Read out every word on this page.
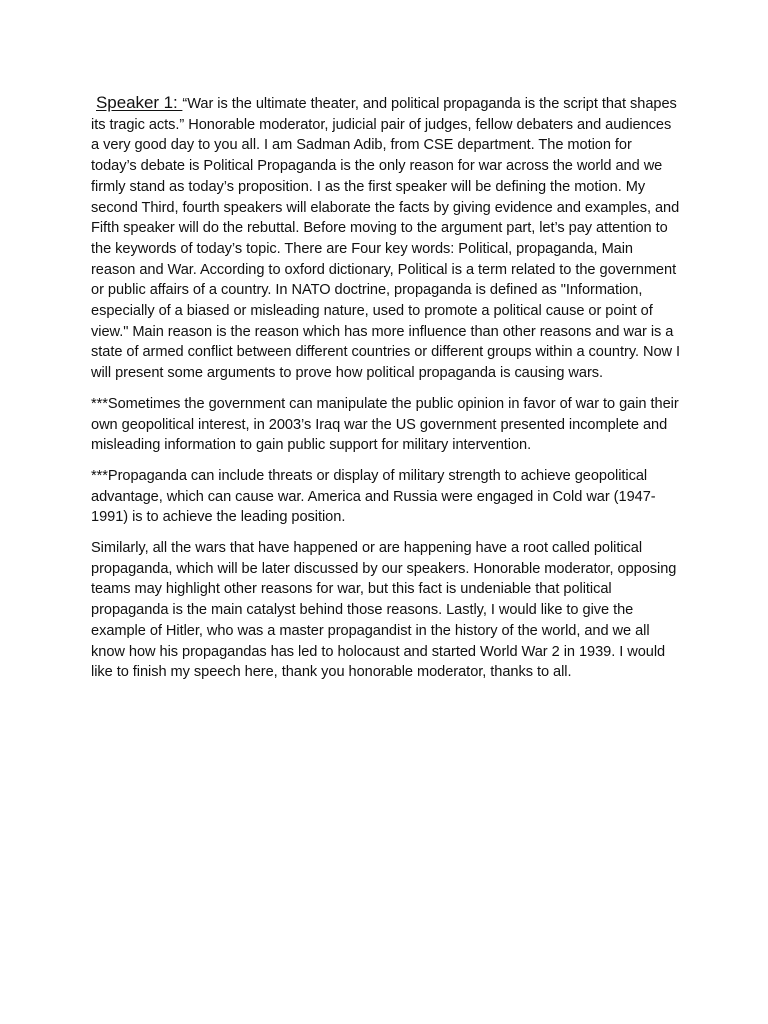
Speaker 1: “War is the ultimate theater, and political propaganda is the script that shapes its tragic acts.” Honorable moderator, judicial pair of judges, fellow debaters and audiences a very good day to you all. I am Sadman Adib, from CSE department. The motion for today’s debate is Political Propaganda is the only reason for war across the world and we firmly stand as today’s proposition. I as the first speaker will be defining the motion. My second Third, fourth speakers will elaborate the facts by giving evidence and examples, and Fifth speaker will do the rebuttal. Before moving to the argument part, let’s pay attention to the keywords of today’s topic. There are Four key words: Political, propaganda, Main reason and War. According to oxford dictionary, Political is a term related to the government or public affairs of a country. In NATO doctrine, propaganda is defined as "Information, especially of a biased or misleading nature, used to promote a political cause or point of view." Main reason is the reason which has more influence than other reasons and war is a state of armed conflict between different countries or different groups within a country. Now I will present some arguments to prove how political propaganda is causing wars.

***Sometimes the government can manipulate the public opinion in favor of war to gain their own geopolitical interest, in 2003’s Iraq war the US government presented incomplete and misleading information to gain public support for military intervention.

***Propaganda can include threats or display of military strength to achieve geopolitical advantage, which can cause war. America and Russia were engaged in Cold war (1947-1991) is to achieve the leading position.

Similarly, all the wars that have happened or are happening have a root called political propaganda, which will be later discussed by our speakers. Honorable moderator, opposing teams may highlight other reasons for war, but this fact is undeniable that political propaganda is the main catalyst behind those reasons. Lastly, I would like to give the example of Hitler, who was a master propagandist in the history of the world, and we all know how his propagandas has led to holocaust and started World War 2 in 1939. I would like to finish my speech here, thank you honorable moderator, thanks to all.
